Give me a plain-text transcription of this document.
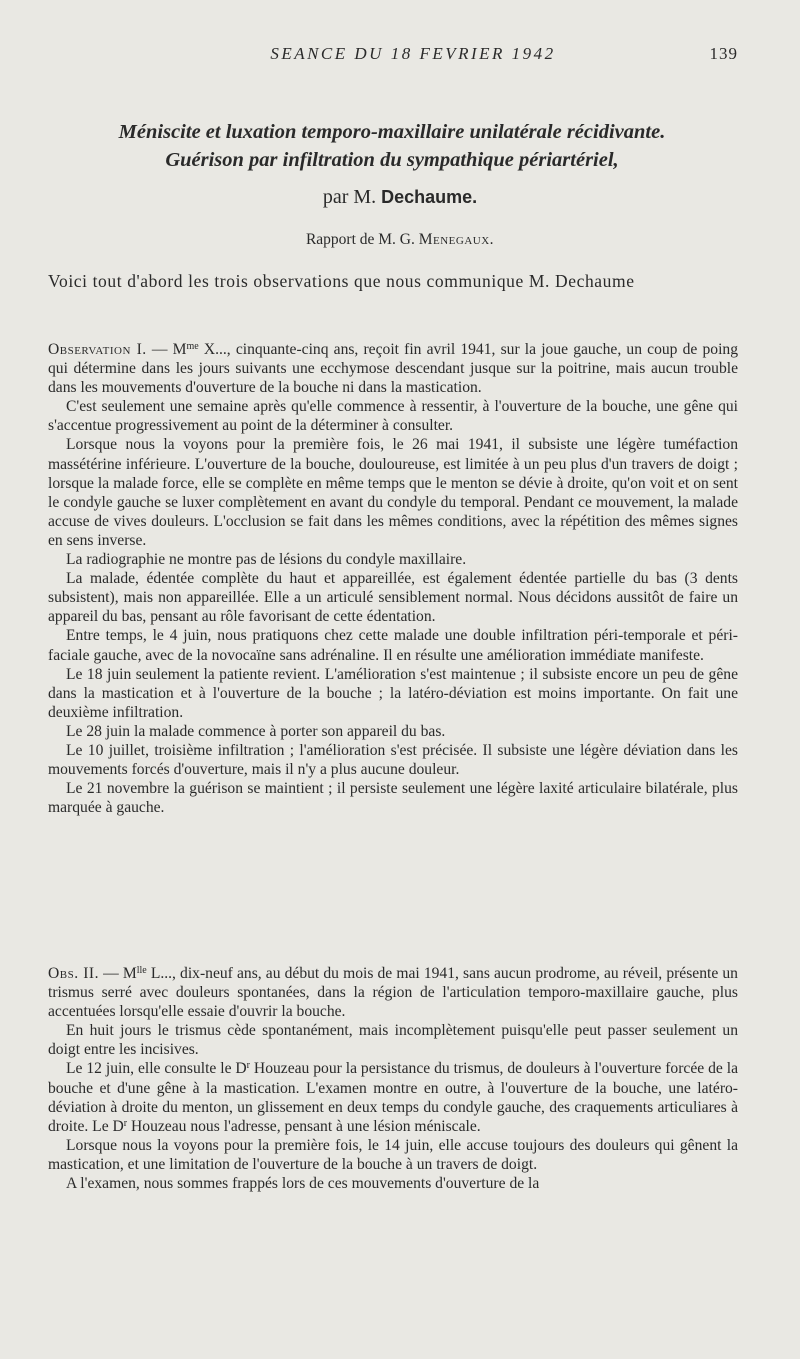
SEANCE DU 18 FEVRIER 1942	139
Méniscite et luxation temporo-maxillaire unilatérale récidivante.
Guérison par infiltration du sympathique périartériel,
par M. Dechaume.
Rapport de M. G. Menegaux.

Voici tout d'abord les trois observations que nous communique M. Dechaume

Observation I. — $M^{me}$ X..., cinquante-cinq ans, reçoit fin avril 1941, sur la joue gauche, un coup de poing qui détermine dans les jours suivants une ecchymose descendant jusque sur la poitrine, mais aucun trouble dans les mouvements d'ouverture de la bouche ni dans la mastication.

C'est seulement une semaine après qu'elle commence à ressentir, à l'ouverture de la bouche, une gêne qui s'accentue progressivement au point de la déterminer à consulter.

Lorsque nous la voyons pour la première fois, le 26 mai 1941, il subsiste une légère tuméfaction massétérine inférieure. L'ouverture de la bouche, douloureuse, est limitée à un peu plus d'un travers de doigt ; lorsque la malade force, elle se complète en même temps que le menton se dévie à droite, qu'on voit et on sent le condyle gauche se luxer complètement en avant du condyle du temporal. Pendant ce mouvement, la malade accuse de vives douleurs. L'occlusion se fait dans les mêmes conditions, avec la répétition des mêmes signes en sens inverse.

La radiographie ne montre pas de lésions du condyle maxillaire.

La malade, édentée complète du haut et appareillée, est également édentée partielle du bas (3 dents subsistent), mais non appareillée. Elle a un articulé sensiblement normal. Nous décidons aussitôt de faire un appareil du bas, pensant au rôle favorisant de cette édentation.

Entre temps, le 4 juin, nous pratiquons chez cette malade une double infiltration péri-temporale et péri-faciale gauche, avec de la novocaïne sans adrénaline. Il en résulte une amélioration immédiate manifeste.

Le 18 juin seulement la patiente revient. L'amélioration s'est maintenue ; il subsiste encore un peu de gêne dans la mastication et à l'ouverture de la bouche ; la latéro-déviation est moins importante. On fait une deuxième infiltration.

Le 28 juin la malade commence à porter son appareil du bas.

Le 10 juillet, troisième infiltration ; l'amélioration s'est précisée. Il subsiste une légère déviation dans les mouvements forcés d'ouverture, mais il n'y a plus aucune douleur.

Le 21 novembre la guérison se maintient ; il persiste seulement une légère laxité articulaire bilatérale, plus marquée à gauche.

Obs. II. — $M^{lle}$ L..., dix-neuf ans, au début du mois de mai 1941, sans aucun prodrome, au réveil, présente un trismus serré avec douleurs spontanées, dans la région de l'articulation temporo-maxillaire gauche, plus accentuées lorsqu'elle essaie d'ouvrir la bouche.

En huit jours le trismus cède spontanément, mais incomplètement puisqu'elle peut passer seulement un doigt entre les incisives.

Le 12 juin, elle consulte le $D^r$ Houzeau pour la persistance du trismus, de douleurs à l'ouverture forcée de la bouche et d'une gêne à la mastication. L'examen montre en outre, à l'ouverture de la bouche, une latéro-déviation à droite du menton, un glissement en deux temps du condyle gauche, des craquements articuliares à droite. Le $D^r$ Houzeau nous l'adresse, pensant à une lésion méniscale.

Lorsque nous la voyons pour la première fois, le 14 juin, elle accuse toujours des douleurs qui gênent la mastication, et une limitation de l'ouverture de la bouche à un travers de doigt.

A l'examen, nous sommes frappés lors de ces mouvements d'ouverture de la
